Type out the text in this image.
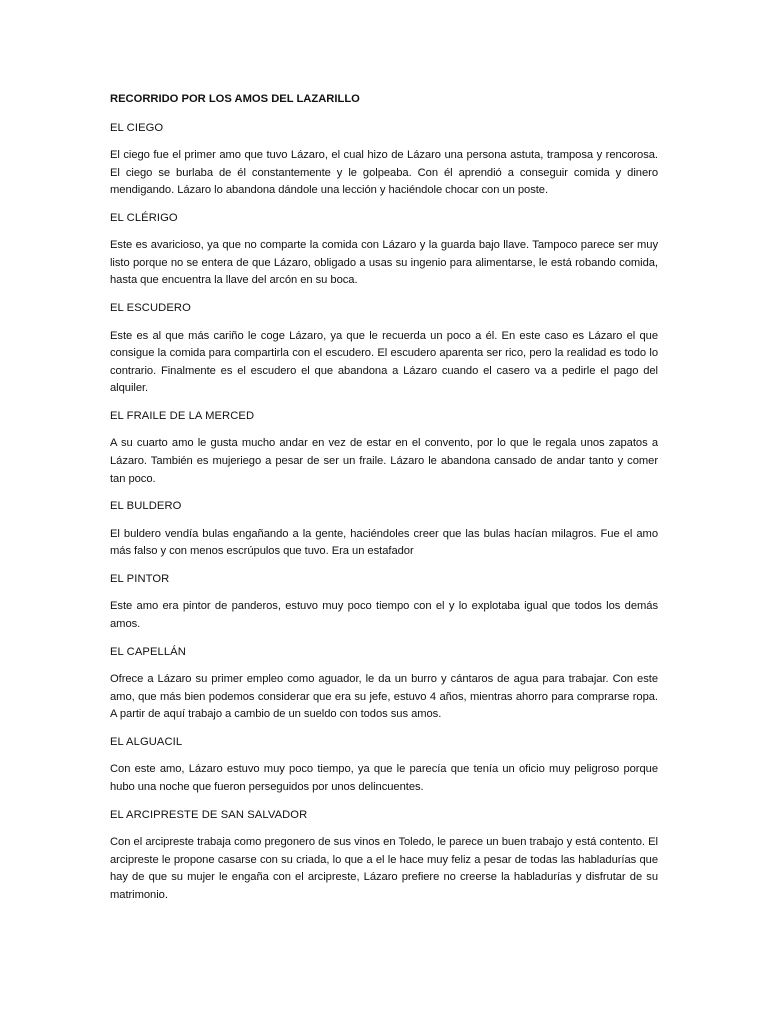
RECORRIDO POR LOS AMOS DEL LAZARILLO
EL CIEGO
El ciego fue el primer amo que tuvo Lázaro, el cual hizo de Lázaro una persona astuta, tramposa y rencorosa. El ciego se burlaba de él constantemente y le golpeaba. Con él aprendió a conseguir comida y dinero mendigando. Lázaro lo abandona dándole una lección y haciéndole chocar con un poste.
EL CLÉRIGO
Este es avaricioso, ya que no comparte la comida con Lázaro y la guarda bajo llave. Tampoco parece ser muy listo porque no se entera de que Lázaro, obligado a usas su ingenio para alimentarse, le está robando comida, hasta que encuentra la llave del arcón en su boca.
EL ESCUDERO
Este es al que más cariño le coge Lázaro, ya que le recuerda un poco a él. En este caso es Lázaro el que consigue la comida para compartirla con el escudero. El escudero aparenta ser rico, pero la realidad es todo lo contrario. Finalmente es el escudero el que abandona a Lázaro cuando el casero va a pedirle el pago del alquiler.
EL FRAILE DE LA MERCED
A su cuarto amo le gusta mucho andar en vez de estar en el convento, por lo que le regala unos zapatos a Lázaro. También es mujeriego a pesar de ser un fraile. Lázaro le abandona cansado de andar tanto y comer tan poco.
EL BULDERO
El buldero vendía bulas engañando a la gente, haciéndoles creer que las bulas hacían milagros. Fue el amo más falso y con menos escrúpulos que tuvo. Era un estafador
EL PINTOR
Este amo era pintor de panderos, estuvo muy poco tiempo con el y lo explotaba igual que todos los demás amos.
EL CAPELLÁN
Ofrece a Lázaro su primer empleo como aguador, le da un burro y cántaros de agua para trabajar. Con este amo, que más bien podemos considerar que era su jefe, estuvo 4 años, mientras ahorro para comprarse ropa. A partir de aquí trabajo a cambio de un sueldo con todos sus amos.
EL ALGUACIL
Con este amo, Lázaro estuvo muy poco tiempo, ya que le parecía que tenía un oficio muy peligroso porque hubo una noche que fueron perseguidos por unos delincuentes.
EL ARCIPRESTE DE SAN SALVADOR
Con el arcipreste trabaja como pregonero de sus vinos en Toledo, le parece un buen trabajo y está contento. El arcipreste le propone casarse con su criada, lo que a el le hace muy feliz a pesar de todas las habladurías que hay de que su mujer le engaña con el arcipreste, Lázaro prefiere no creerse la habladurías y disfrutar de su matrimonio.
